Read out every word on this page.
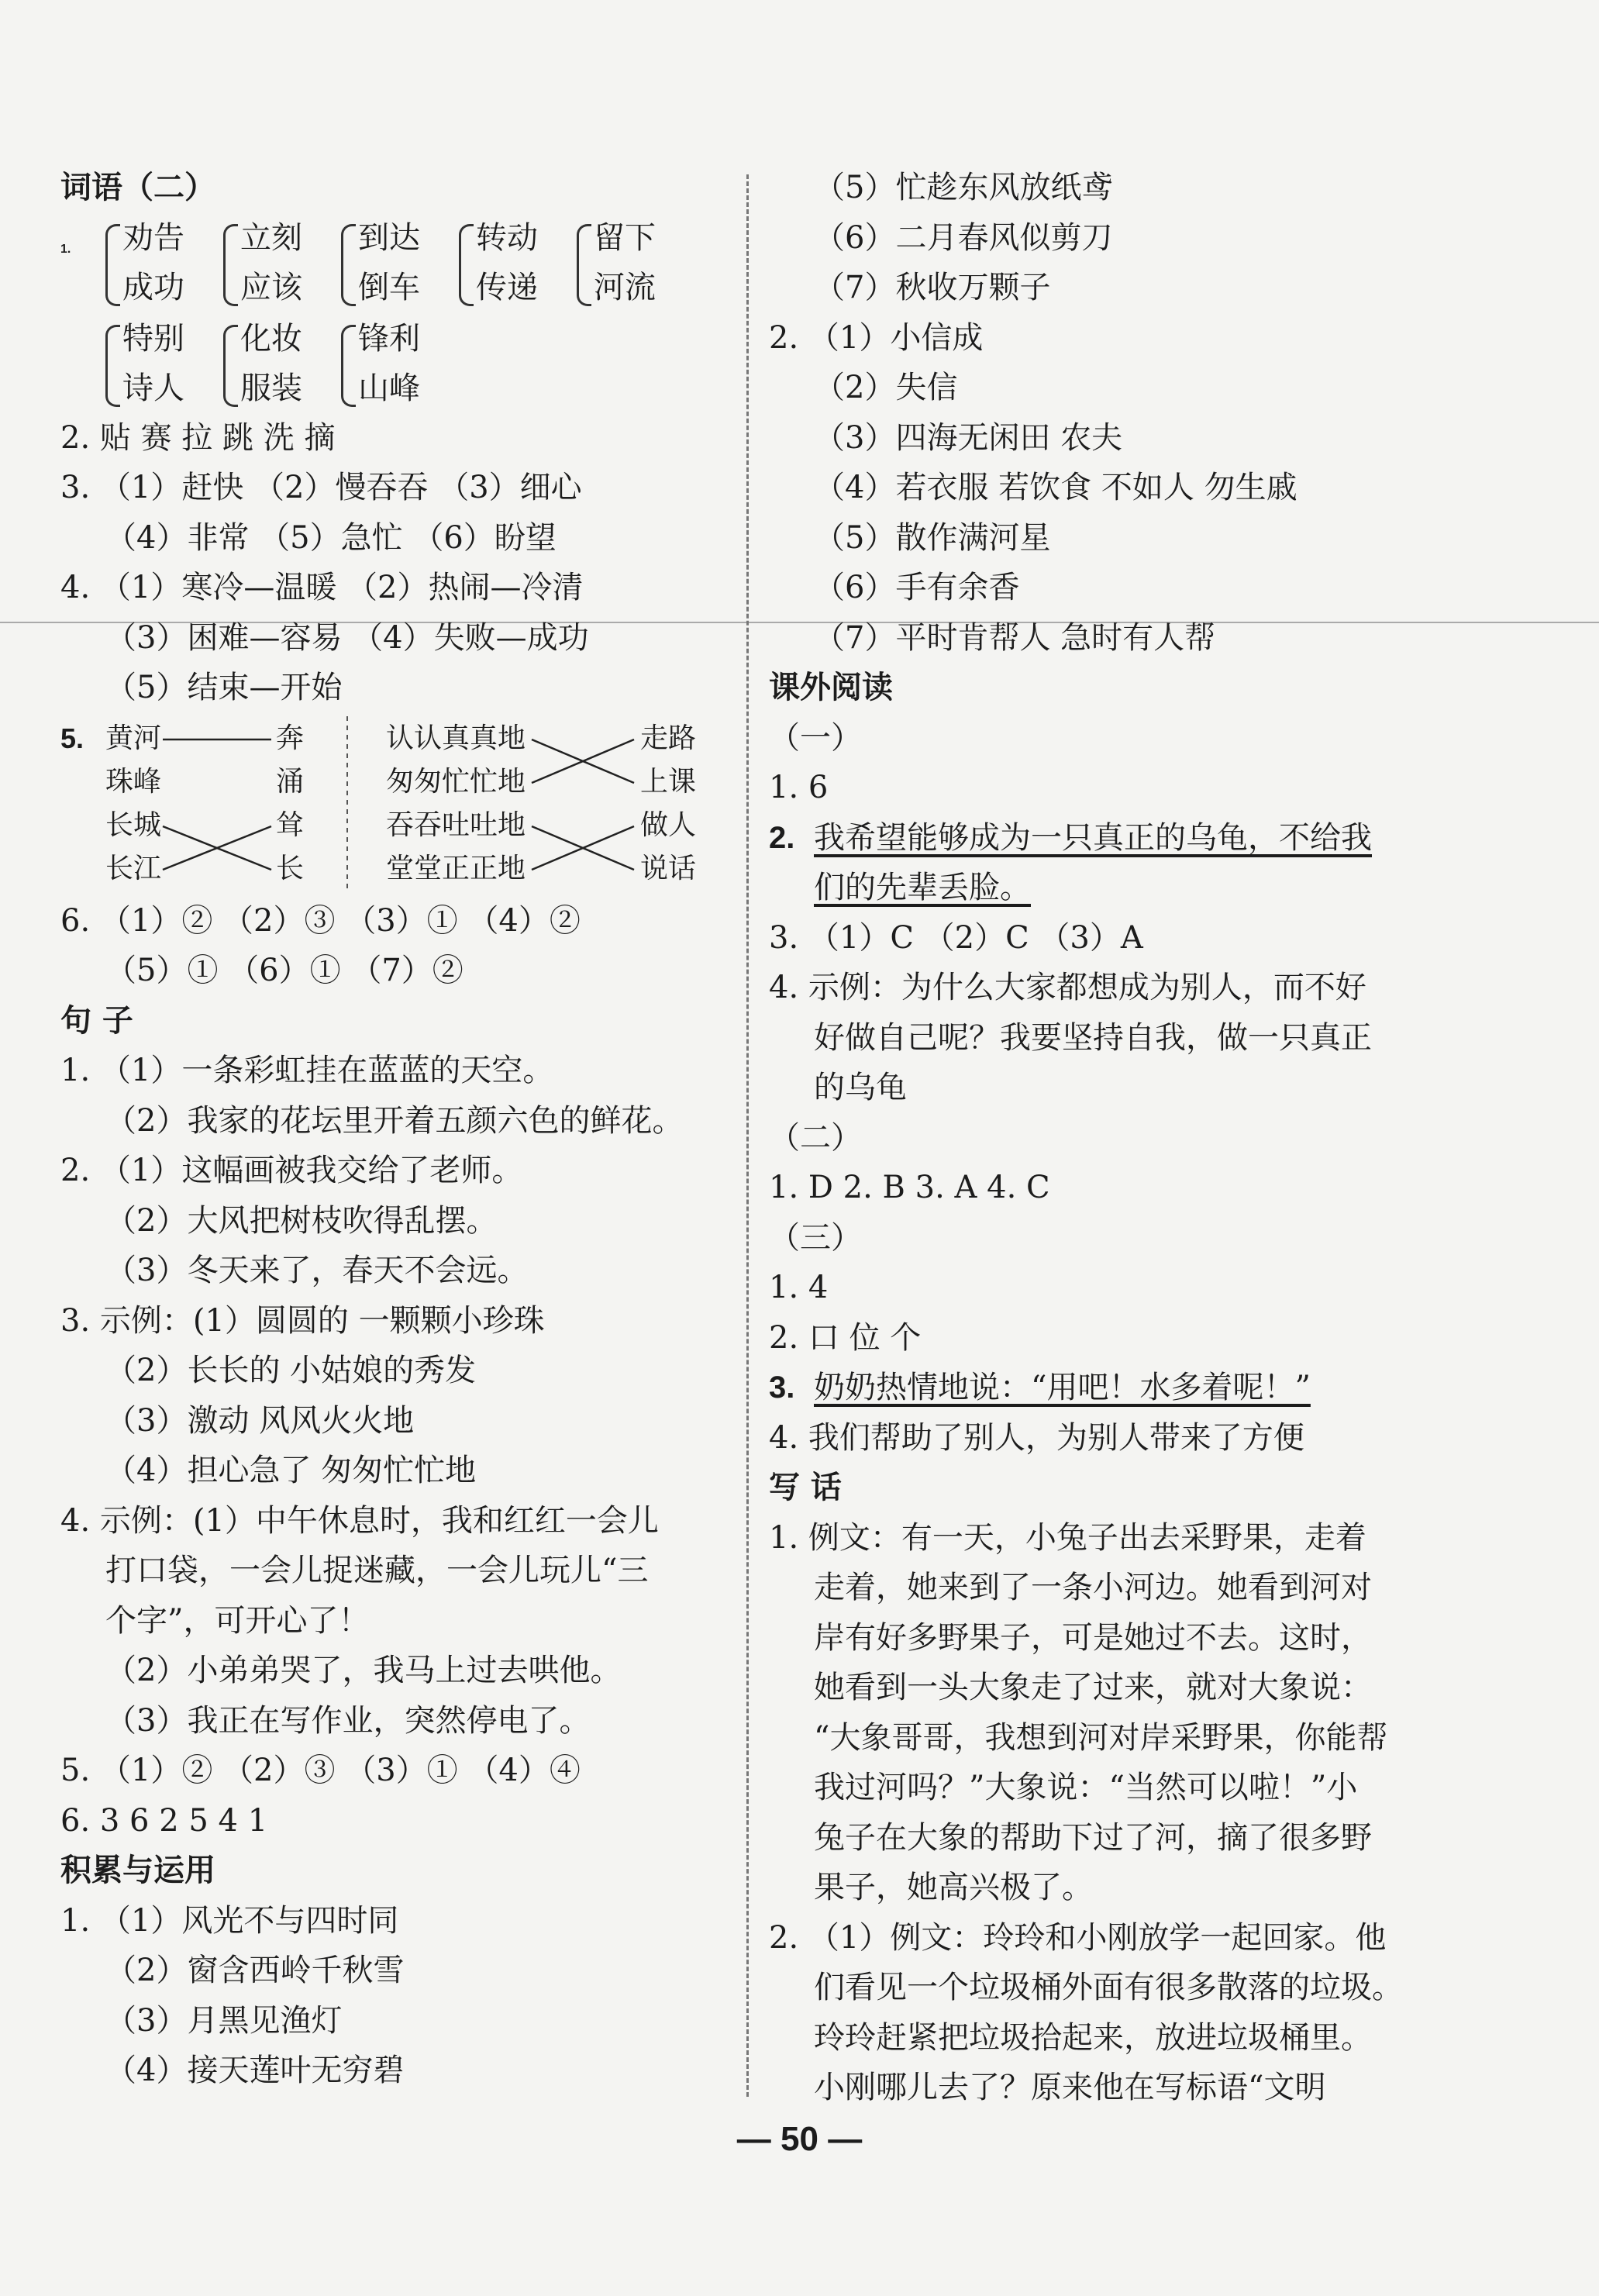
词语（二）
1.	劝告
成功
立刻
应该
到达
倒车
转动
传递
留下
河流
特别
诗人
化妆
服装
锋利
山峰
2. 贴 赛 拉 跳 洗 摘
3. （1）赶快 （2）慢吞吞 （3）细心
（4）非常 （5）急忙 （6）盼望
4. （1）寒冷—温暖 （2）热闹—冷清
（3）困难—容易 （4）失败—成功
（5）结束—开始
5. 黄河
珠峰
长城
长江
奔
涌
耸
长
认认真真地
匆匆忙忙地
吞吞吐吐地
堂堂正正地
走路
上课
做人
说话
6. （1）② （2）③ （3）① （4）②
（5）① （6）① （7）②
句 子
1. （1）一条彩虹挂在蓝蓝的天空。
（2）我家的花坛里开着五颜六色的鲜花。
2. （1）这幅画被我交给了老师。
（2）大风把树枝吹得乱摆。
（3）冬天来了，春天不会远。
3. 示例：(1）圆圆的 一颗颗小珍珠
（2）长长的 小姑娘的秀发
（3）激动 风风火火地
（4）担心急了 匆匆忙忙地
4. 示例：(1）中午休息时，我和红红一会儿
打口袋，一会儿捉迷藏，一会儿玩儿“三
个字”，可开心了！
（2）小弟弟哭了，我马上过去哄他。
（3）我正在写作业，突然停电了。
5. （1）② （2）③ （3）① （4）④
6. 3 6 2 5 4 1
积累与运用
1. （1）风光不与四时同
（2）窗含西岭千秋雪
（3）月黑见渔灯
（4）接天莲叶无穷碧
（5）忙趁东风放纸鸢
（6）二月春风似剪刀
（7）秋收万颗子
2. （1）小信成
（2）失信
（3）四海无闲田 农夫
（4）若衣服 若饮食 不如人 勿生戚
（5）散作满河星
（6）手有余香
（7）平时肯帮人 急时有人帮
课外阅读
（一）
1. 6
2. 我希望能够成为一只真正的乌龟，不给我
们的先辈丢脸。
3. （1）C （2）C （3）A
4. 示例：为什么大家都想成为别人，而不好
好做自己呢？我要坚持自我，做一只真正
的乌龟
（二）
1. D 2. B 3. A 4. C
（三）
1. 4
2. 口 位 个
3. 奶奶热情地说：“用吧！水多着呢！”
4. 我们帮助了别人，为别人带来了方便
写 话
1. 例文：有一天，小兔子出去采野果，走着
走着，她来到了一条小河边。她看到河对
岸有好多野果子，可是她过不去。这时，
她看到一头大象走了过来，就对大象说：
“大象哥哥，我想到河对岸采野果，你能帮
我过河吗？”大象说：“当然可以啦！”小
兔子在大象的帮助下过了河，摘了很多野
果子，她高兴极了。
2. （1）例文：玲玲和小刚放学一起回家。他
们看见一个垃圾桶外面有很多散落的垃圾。
玲玲赶紧把垃圾拾起来，放进垃圾桶里。
小刚哪儿去了？原来他在写标语“文明
— 50 —
